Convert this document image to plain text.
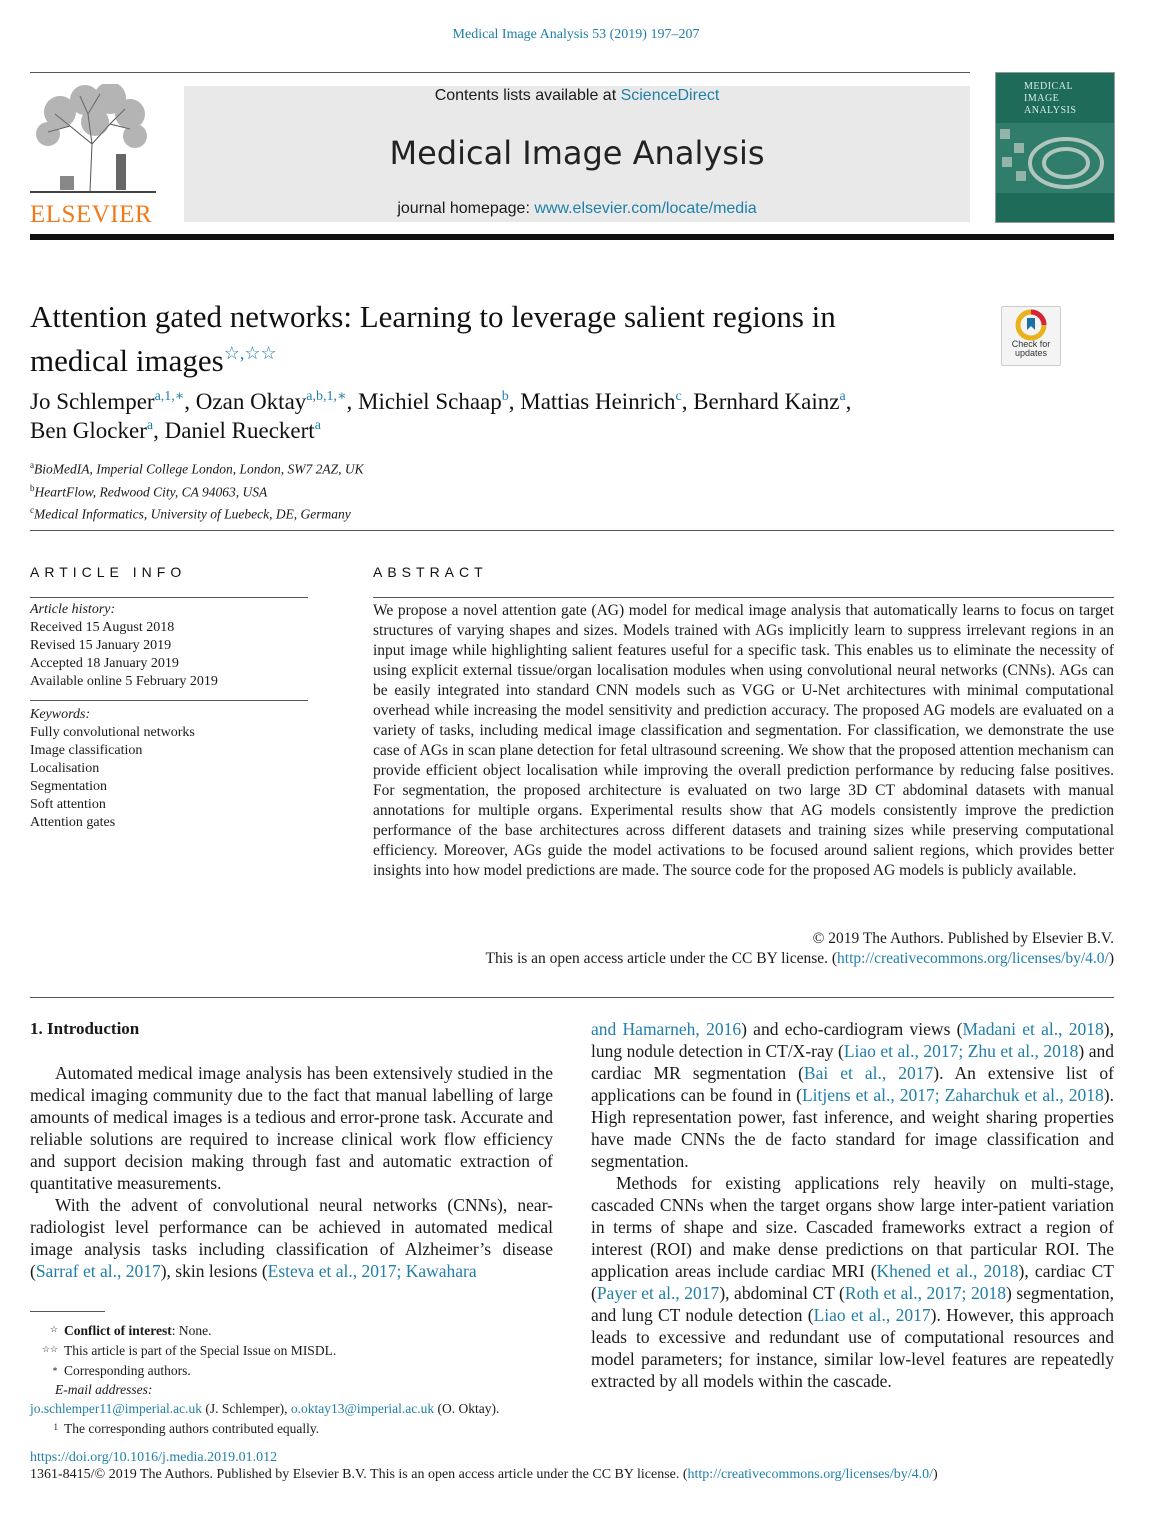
Medical Image Analysis 53 (2019) 197–207
ELSEVIER
Contents lists available at ScienceDirect
Medical Image Analysis
journal homepage: www.elsevier.com/locate/media
MEDICAL
IMAGE
ANALYSIS
Attention gated networks: Learning to leverage salient regions in medical images☆,☆☆	Check for
updates
Jo Schlemper$^{a,1,∗}$, Ozan Oktay$^{a,b,1,∗}$, Michiel Schaap$^b$, Mattias Heinrich$^c$, Bernhard Kainz$^a$,
Ben Glocker$^a$, Daniel Rueckert$^a$
$^a$BioMedIA, Imperial College London, London, SW7 2AZ, UK
$^b$HeartFlow, Redwood City, CA 94063, USA
$^c$Medical Informatics, University of Luebeck, DE, Germany
ARTICLE INFO
Article history:
Received 15 August 2018
Revised 15 January 2019
Accepted 18 January 2019
Available online 5 February 2019
Keywords:
Fully convolutional networks
Image classification
Localisation
Segmentation
Soft attention
Attention gates
ABSTRACT
We propose a novel attention gate (AG) model for medical image analysis that automatically learns to focus on target structures of varying shapes and sizes. Models trained with AGs implicitly learn to suppress irrelevant regions in an input image while highlighting salient features useful for a specific task. This enables us to eliminate the necessity of using explicit external tissue/organ localisation modules when using convolutional neural networks (CNNs). AGs can be easily integrated into standard CNN models such as VGG or U-Net architectures with minimal computational overhead while increasing the model sensitivity and prediction accuracy. The proposed AG models are evaluated on a variety of tasks, including medical image classification and segmentation. For classification, we demonstrate the use case of AGs in scan plane detection for fetal ultrasound screening. We show that the proposed attention mechanism can provide efficient object localisation while improving the overall prediction performance by reducing false positives. For segmentation, the proposed architecture is evaluated on two large 3D CT abdominal datasets with manual annotations for multiple organs. Experimental results show that AG models consistently improve the prediction performance of the base architectures across different datasets and training sizes while preserving computational efficiency. Moreover, AGs guide the model activations to be focused around salient regions, which provides better insights into how model predictions are made. The source code for the proposed AG models is publicly available.
© 2019 The Authors. Published by Elsevier B.V.
This is an open access article under the CC BY license. (http://creativecommons.org/licenses/by/4.0/)
1. Introduction

Automated medical image analysis has been extensively studied in the medical imaging community due to the fact that manual labelling of large amounts of medical images is a tedious and error-prone task. Accurate and reliable solutions are required to increase clinical work flow efficiency and support decision making through fast and automatic extraction of quantitative measurements.

With the advent of convolutional neural networks (CNNs), near-radiologist level performance can be achieved in automated medical image analysis tasks including classification of Alzheimer’s disease (Sarraf et al., 2017), skin lesions (Esteva et al., 2017; Kawahara

and Hamarneh, 2016) and echo-cardiogram views (Madani et al., 2018), lung nodule detection in CT/X-ray (Liao et al., 2017; Zhu et al., 2018) and cardiac MR segmentation (Bai et al., 2017). An extensive list of applications can be found in (Litjens et al., 2017; Zaharchuk et al., 2018). High representation power, fast inference, and weight sharing properties have made CNNs the de facto standard for image classification and segmentation.

Methods for existing applications rely heavily on multi-stage, cascaded CNNs when the target organs show large inter-patient variation in terms of shape and size. Cascaded frameworks extract a region of interest (ROI) and make dense predictions on that particular ROI. The application areas include cardiac MRI (Khened et al., 2018), cardiac CT (Payer et al., 2017), abdominal CT (Roth et al., 2017; 2018) segmentation, and lung CT nodule detection (Liao et al., 2017). However, this approach leads to excessive and redundant use of computational resources and model parameters; for instance, similar low-level features are repeatedly extracted by all models within the cascade.

☆ Conflict of interest: None.
☆☆ This article is part of the Special Issue on MISDL.
∗ Corresponding authors.
E-mail addresses:
jo.schlemper11@imperial.ac.uk (J. Schlemper), o.oktay13@imperial.ac.uk (O. Oktay).
1 The corresponding authors contributed equally.
https://doi.org/10.1016/j.media.2019.01.012
1361-8415/© 2019 The Authors. Published by Elsevier B.V. This is an open access article under the CC BY license. (http://creativecommons.org/licenses/by/4.0/)
